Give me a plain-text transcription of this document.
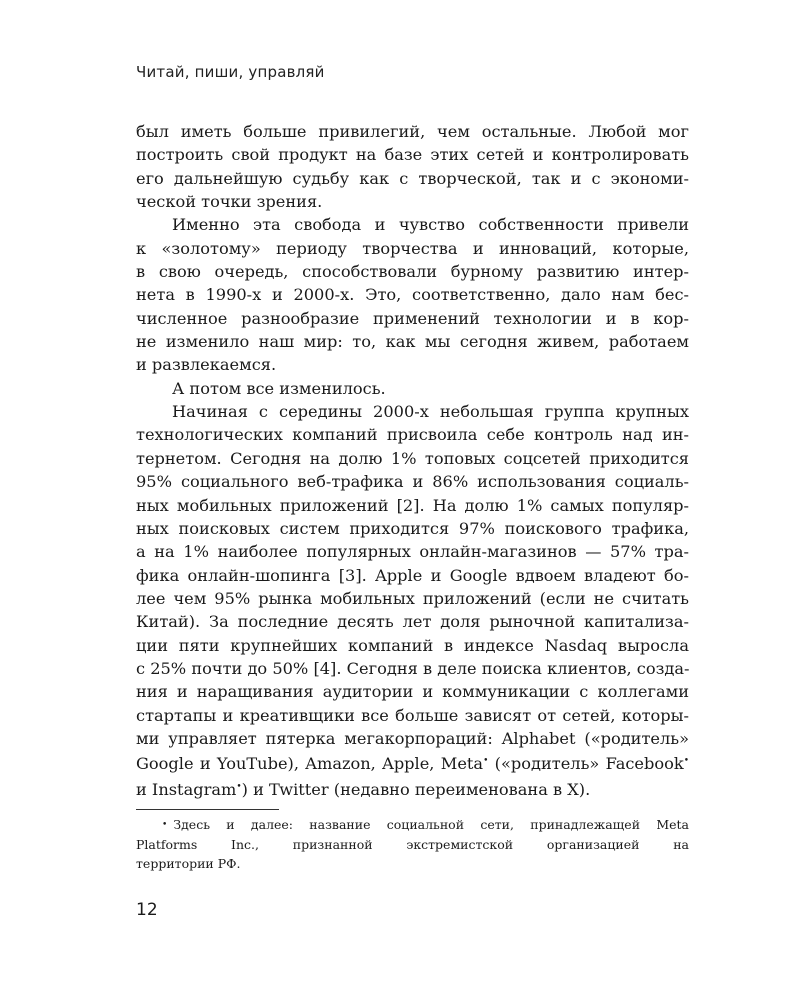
Читай, пиши, управляй

был иметь больше привилегий, чем остальные. Любой мог
построить свой продукт на базе этих сетей и контролировать
его дальнейшую судьбу как с творческой, так и с экономи-
ческой точки зрения.

Именно эта свобода и чувство собственности привели
к «золотому» периоду творчества и инноваций, которые,
в свою очередь, способствовали бурному развитию интер-
нета в 1990-х и 2000-х. Это, соответственно, дало нам бес-
численное разнообразие применений технологии и в кор-
не изменило наш мир: то, как мы сегодня живем, работаем
и развлекаемся.

А потом все изменилось.

Начиная с середины 2000-х небольшая группа крупных
технологических компаний присвоила себе контроль над ин-
тернетом. Сегодня на долю 1% топовых соцсетей приходится
95% социального веб-трафика и 86% использования социаль-
ных мобильных приложений [2]. На долю 1% самых популяр-
ных поисковых систем приходится 97% поискового трафика,
а на 1% наиболее популярных онлайн-магазинов — 57% тра-
фика онлайн-шопинга [3]. Apple и Google вдвоем владеют бо-
лее чем 95% рынка мобильных приложений (если не считать
Китай). За последние десять лет доля рыночной капитализа-
ции пяти крупнейших компаний в индексе Nasdaq выросла
с 25% почти до 50% [4]. Сегодня в деле поиска клиентов, созда-
ния и наращивания аудитории и коммуникации с коллегами
стартапы и креативщики все больше зависят от сетей, которы-
ми управляет пятерка мегакорпораций: Alphabet («родитель»
Google и YouTube), Amazon, Apple, Meta• («родитель» Facebook•
и Instagram•) и Twitter (недавно переименована в X).

• Здесь и далее: название социальной сети, принадлежащей Meta
Platforms Inc., признанной экстремистской организацией на
территории РФ.
12
